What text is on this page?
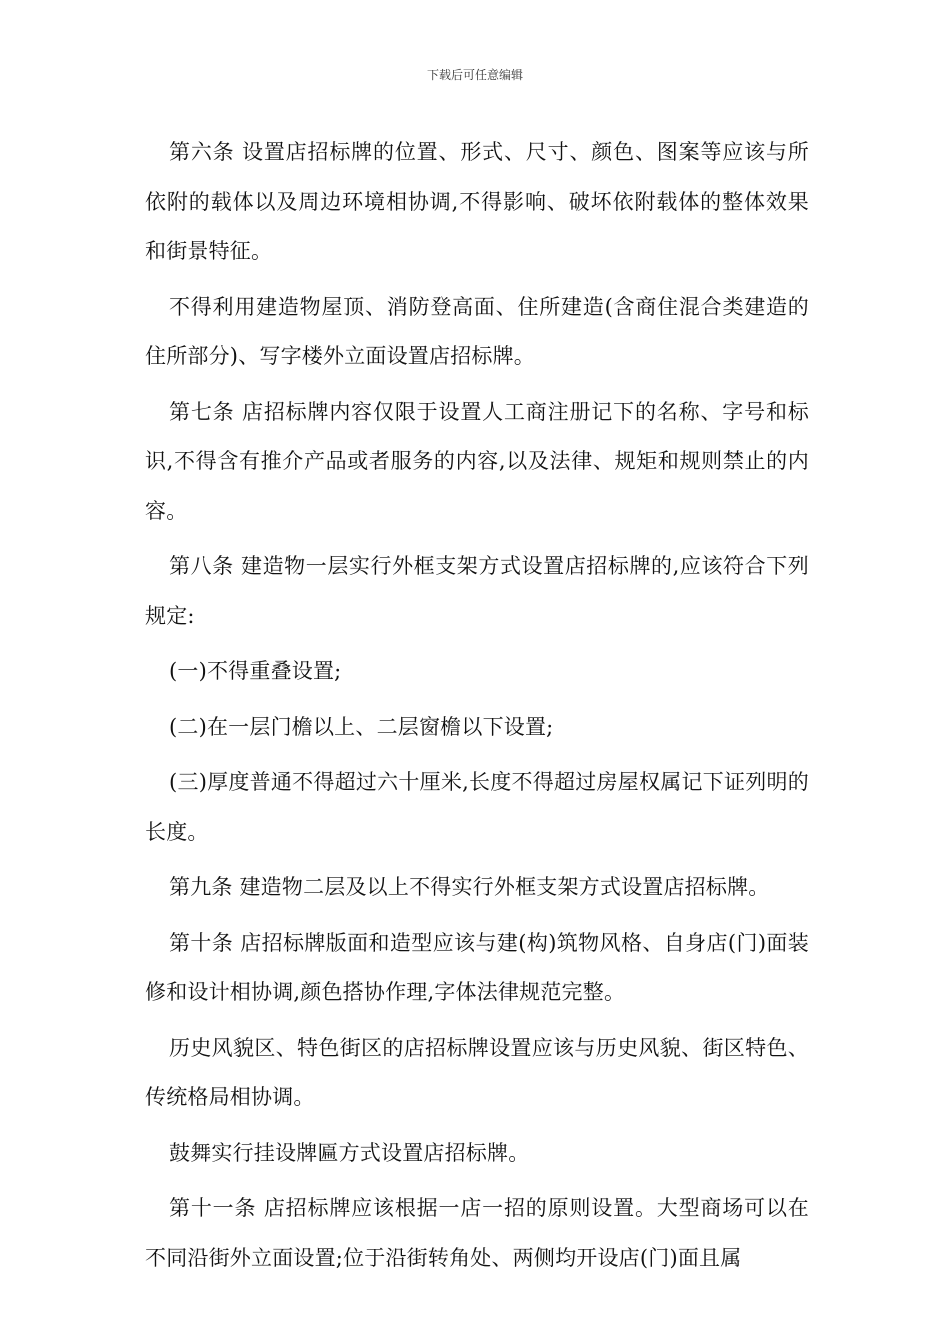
下载后可任意编辑

第六条 设置店招标牌的位置、形式、尺寸、颜色、图案等应该与所依附的载体以及周边环境相协调,不得影响、破坏依附载体的整体效果和街景特征。

不得利用建造物屋顶、消防登高面、住所建造(含商住混合类建造的住所部分)、写字楼外立面设置店招标牌。

第七条 店招标牌内容仅限于设置人工商注册记下的名称、字号和标识,不得含有推介产品或者服务的内容,以及法律、规矩和规则禁止的内容。

第八条 建造物一层实行外框支架方式设置店招标牌的,应该符合下列规定:

(一)不得重叠设置;

(二)在一层门檐以上、二层窗檐以下设置;

(三)厚度普通不得超过六十厘米,长度不得超过房屋权属记下证列明的长度。

第九条 建造物二层及以上不得实行外框支架方式设置店招标牌。

第十条 店招标牌版面和造型应该与建(构)筑物风格、自身店(门)面装修和设计相协调,颜色搭协作理,字体法律规范完整。

历史风貌区、特色街区的店招标牌设置应该与历史风貌、街区特色、传统格局相协调。

鼓舞实行挂设牌匾方式设置店招标牌。

第十一条 店招标牌应该根据一店一招的原则设置。大型商场可以在不同沿街外立面设置;位于沿街转角处、两侧均开设店(门)面且属
